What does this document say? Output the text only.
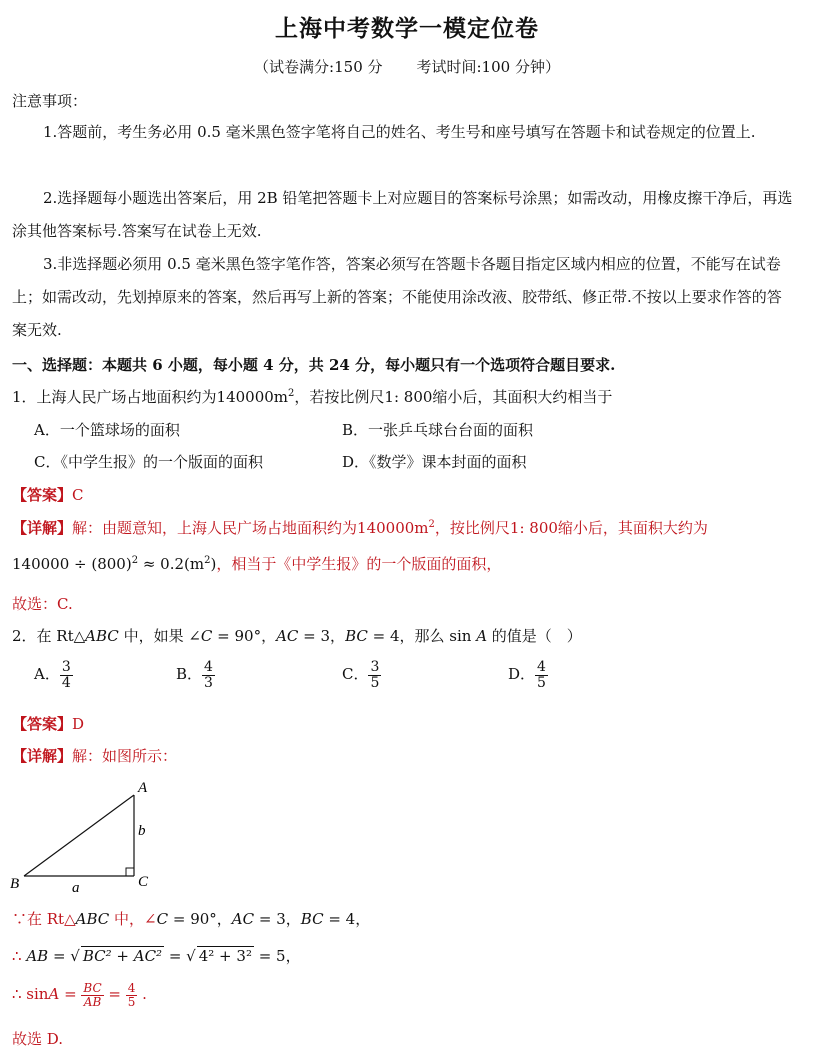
上海中考数学一模定位卷
（试卷满分:150 分 考试时间:100 分钟）
注意事项：
1.答题前，考生务必用 0.5 毫米黑色签字笔将自己的姓名、考生号和座号填写在答题卡和试卷规定的位置上.
2.选择题每小题选出答案后，用 2B 铅笔把答题卡上对应题目的答案标号涂黑；如需改动，用橡皮擦干净后，再选涂其他答案标号.答案写在试卷上无效.
3.非选择题必须用 0.5 毫米黑色签字笔作答，答案必须写在答题卡各题目指定区域内相应的位置，不能写在试卷上；如需改动，先划掉原来的答案，然后再写上新的答案；不能使用涂改液、胶带纸、修正带.不按以上要求作答的答案无效.
一、选择题：本题共 6 小题，每小题 4 分，共 24 分，每小题只有一个选项符合题目要求.
1．上海人民广场占地面积约为$140000m^2$，若按比例尺1: 800缩小后，其面积大约相当于
A．一个篮球场的面积	B．一张乒乓球台台面的面积
C．《中学生报》的一个版面的面积	D．《数学》课本封面的面积
【答案】C
【详解】解：由题意知，上海人民广场占地面积约为$140000m^2$，按比例尺1: 800缩小后，其面积大约为
$140000 \div (800)^2 \approx 0.2(m^2)$，相当于《中学生报》的一个版面的面积，
故选：C.
2．在 Rt△ABC 中，如果 ∠C = 90°，AC = 3，BC = 4，那么 sin A 的值是（　）
A． $\frac{3}{4}$	B． $\frac{4}{3}$	C． $\frac{3}{5}$	D． $\frac{4}{5}$
【答案】D
【详解】解：如图所示：
A
B	C
a
b
∵在 Rt△ABC 中，∠C = 90°，AC = 3，BC = 4，
∴ AB = √ BC² + AC² = √ 4² + 3² = 5，
∴ $\sin A = \frac{BC}{AB} = \frac{4}{5}$ .
故选 D.
